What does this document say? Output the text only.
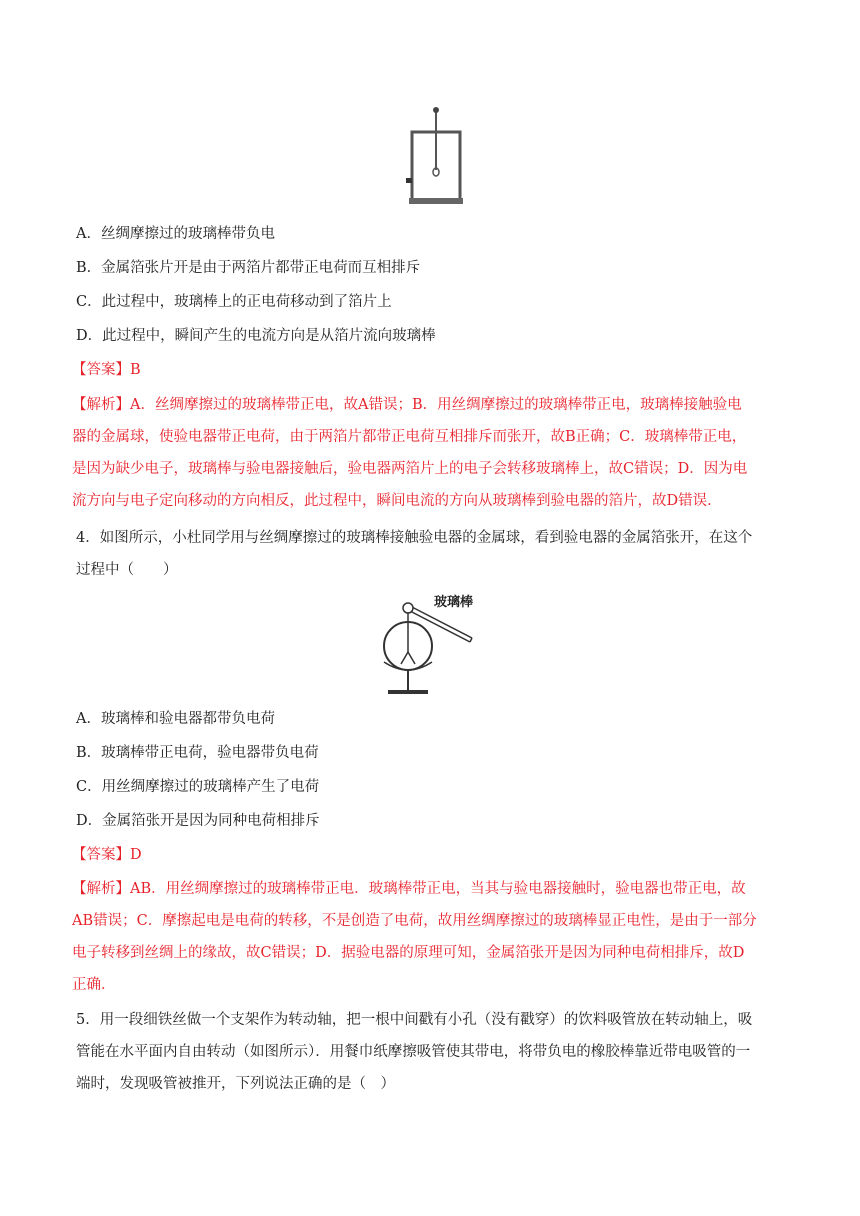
A．丝绸摩擦过的玻璃棒带负电
B．金属箔张片开是由于两箔片都带正电荷而互相排斥
C．此过程中，玻璃棒上的正电荷移动到了箔片上
D．此过程中，瞬间产生的电流方向是从箔片流向玻璃棒
【答案】B
【解析】A．丝绸摩擦过的玻璃棒带正电，故A错误；B．用丝绸摩擦过的玻璃棒带正电，玻璃棒接触验电
器的金属球，使验电器带正电荷，由于两箔片都带正电荷互相排斥而张开，故B正确；C．玻璃棒带正电，
是因为缺少电子，玻璃棒与验电器接触后，验电器两箔片上的电子会转移玻璃棒上，故C错误；D．因为电
流方向与电子定向移动的方向相反，此过程中，瞬间电流的方向从玻璃棒到验电器的箔片，故D错误．
4．如图所示，小杜同学用与丝绸摩擦过的玻璃棒接触验电器的金属球，看到验电器的金属箔张开，在这个
过程中（　　）
玻璃棒
A．玻璃棒和验电器都带负电荷
B．玻璃棒带正电荷，验电器带负电荷
C．用丝绸摩擦过的玻璃棒产生了电荷
D．金属箔张开是因为同种电荷相排斥
【答案】D
【解析】AB．用丝绸摩擦过的玻璃棒带正电．玻璃棒带正电，当其与验电器接触时，验电器也带正电，故
AB错误；C．摩擦起电是电荷的转移，不是创造了电荷，故用丝绸摩擦过的玻璃棒显正电性，是由于一部分
电子转移到丝绸上的缘故，故C错误；D．据验电器的原理可知，金属箔张开是因为同种电荷相排斥，故D
正确．
5．用一段细铁丝做一个支架作为转动轴，把一根中间戳有小孔（没有戳穿）的饮料吸管放在转动轴上，吸
管能在水平面内自由转动（如图所示）．用餐巾纸摩擦吸管使其带电，将带负电的橡胶棒靠近带电吸管的一
端时，发现吸管被推开，下列说法正确的是（　）
